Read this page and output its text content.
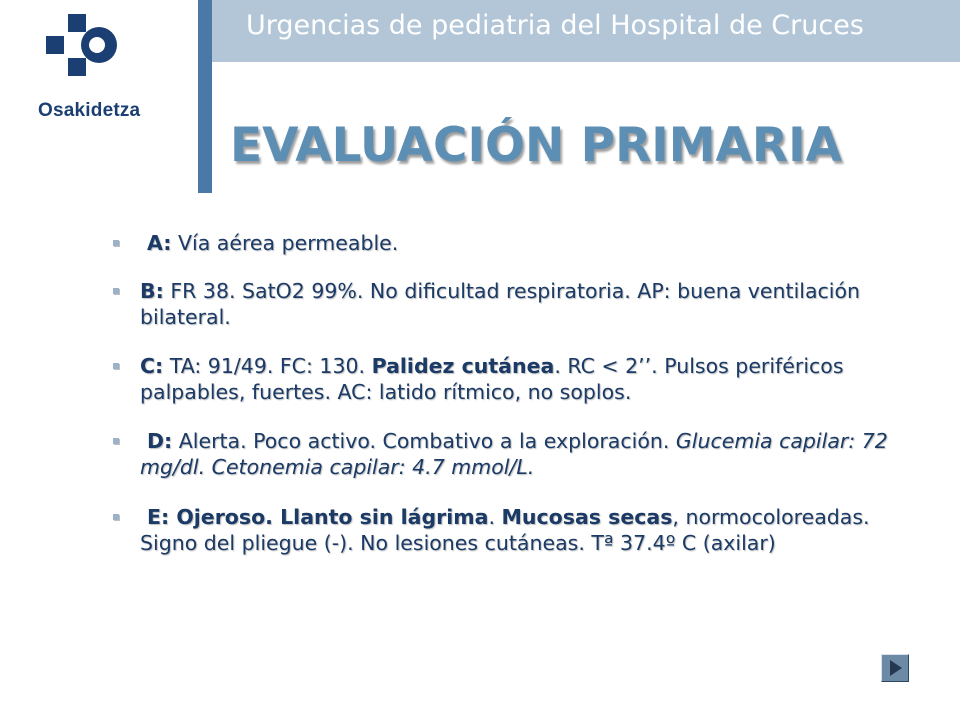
Osakidetza
Urgencias de pediatria del Hospital de Cruces
EVALUACIÓN PRIMARIA
A: Vía aérea permeable.
B: FR 38. SatO2 99%. No dificultad respiratoria. AP: buena ventilación bilateral.
C: TA: 91/49. FC: 130. Palidez cutánea. RC < 2’’. Pulsos periféricos palpables, fuertes. AC: latido rítmico, no soplos.
D: Alerta. Poco activo. Combativo a la exploración. Glucemia capilar: 72 mg/dl. Cetonemia capilar: 4.7 mmol/L.
E: Ojeroso. Llanto sin lágrima. Mucosas secas, normocoloreadas. Signo del pliegue (-). No lesiones cutáneas. Tª 37.4º C (axilar)
